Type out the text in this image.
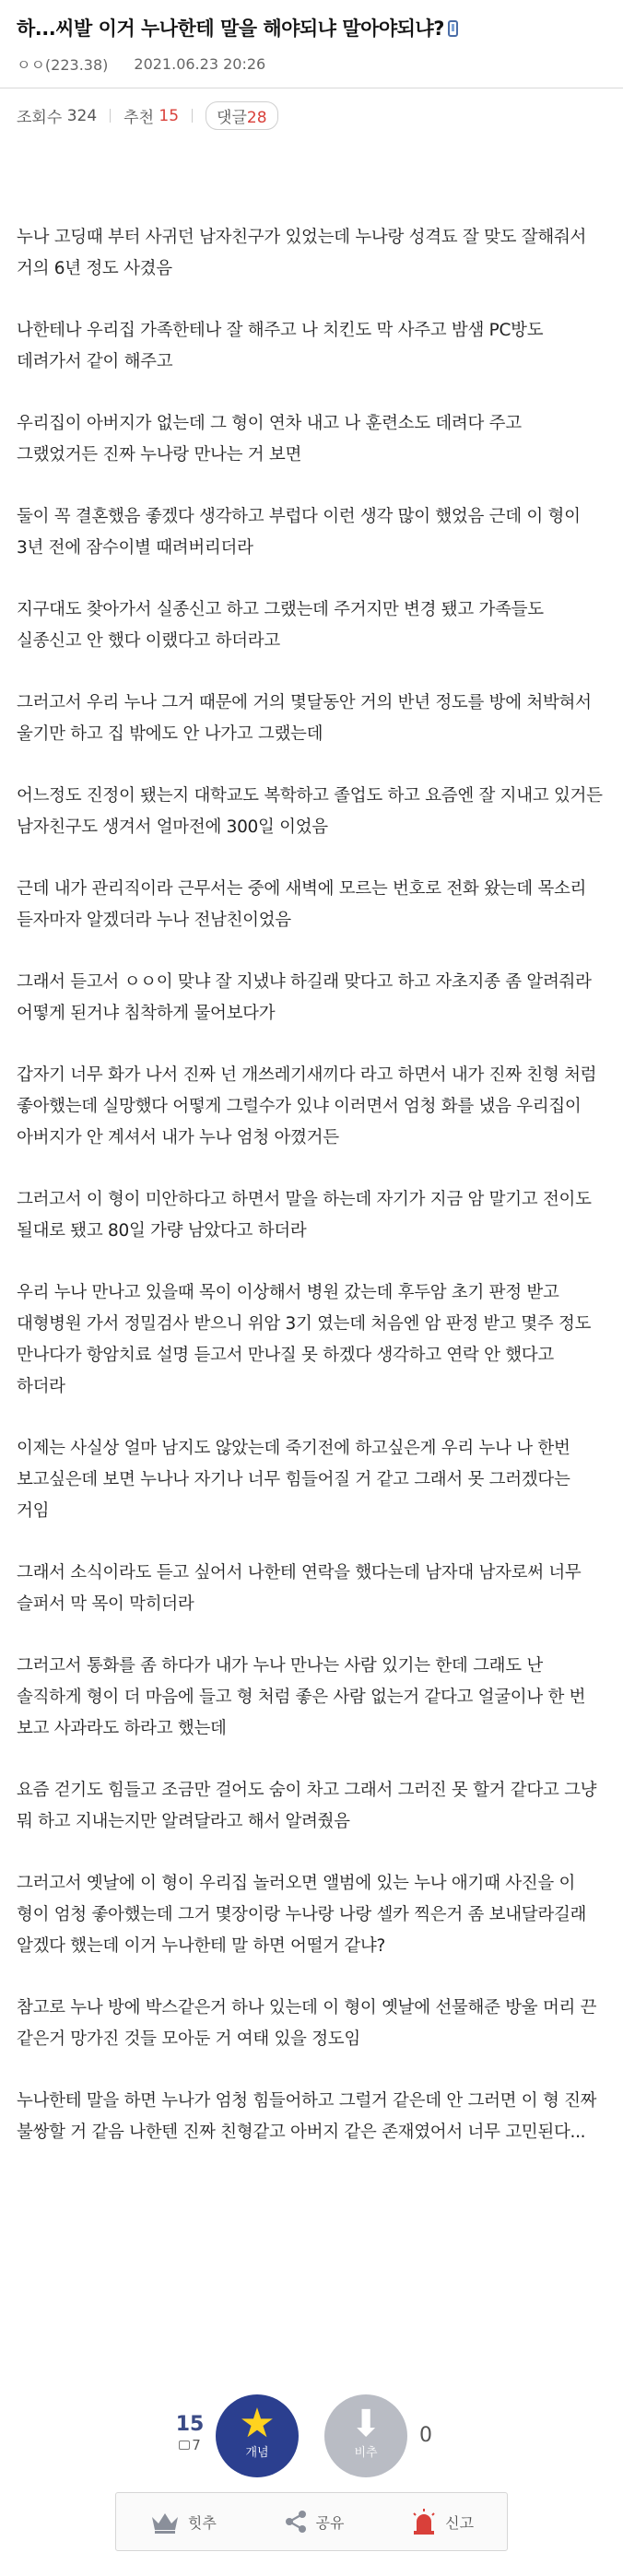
하...씨발 이거 누나한테 말을 해야되냐 말아야되냐?
ㅇㅇ(223.38) 2021.06.23 20:26
조회수
324 추천
15	댓글28

누나 고딩때 부터 사귀던 남자친구가 있었는데 누나랑 성격됴 잘 맞도 잘해줘서 거의 6년 정도 사겼음

나한테나 우리집 가족한테나 잘 해주고 나 치킨도 막 사주고 밤샘 PC방도 데려가서 같이 해주고

우리집이 아버지가 없는데 그 형이 연차 내고 나 훈련소도 데려다 주고 그랬었거든 진짜 누나랑 만나는 거 보면

둘이 꼭 결혼했음 좋겠다 생각하고 부럽다 이런 생각 많이 했었음 근데 이 형이 3년 전에 잠수이별 때려버리더라

지구대도 찾아가서 실종신고 하고 그랬는데 주거지만 변경 됐고 가족들도 실종신고 안 했다 이랬다고 하더라고

그러고서 우리 누나 그거 때문에 거의 몇달동안 거의 반년 정도를 방에 처박혀서 울기만 하고 집 밖에도 안 나가고 그랬는데

어느정도 진정이 됐는지 대학교도 복학하고 졸업도 하고 요즘엔 잘 지내고 있거든 남자친구도 생겨서 얼마전에 300일 이었음

근데 내가 관리직이라 근무서는 중에 새벽에 모르는 번호로 전화 왔는데 목소리 듣자마자 알겠더라 누나 전남친이었음

그래서 듣고서 ㅇㅇ이 맞냐 잘 지냈냐 하길래 맞다고 하고 자초지종 좀 알려줘라 어떻게 된거냐 침착하게 물어보다가

갑자기 너무 화가 나서 진짜 넌 개쓰레기새끼다 라고 하면서 내가 진짜 친형 처럼 좋아했는데 실망했다 어떻게 그럴수가 있냐 이러면서 엄청 화를 냈음 우리집이 아버지가 안 계셔서 내가 누나 엄청 아꼈거든

그러고서 이 형이 미안하다고 하면서 말을 하는데 자기가 지금 암 말기고 전이도 될대로 됐고 80일 가량 남았다고 하더라

우리 누나 만나고 있을때 목이 이상해서 병원 갔는데 후두암 초기 판정 받고 대형병원 가서 정밀검사 받으니 위암 3기 였는데 처음엔 암 판정 받고 몇주 정도 만나다가 항암치료 설명 듣고서 만나질 못 하겠다 생각하고 연락 안 했다고 하더라

이제는 사실상 얼마 남지도 않았는데 죽기전에 하고싶은게 우리 누나 나 한번 보고싶은데 보면 누나나 자기나 너무 힘들어질 거 같고 그래서 못 그러겠다는 거임

그래서 소식이라도 듣고 싶어서 나한테 연락을 했다는데 남자대 남자로써 너무 슬퍼서 막 목이 막히더라

그러고서 통화를 좀 하다가 내가 누나 만나는 사람 있기는 한데 그래도 난 솔직하게 형이 더 마음에 들고 형 처럼 좋은 사람 없는거 같다고 얼굴이나 한 번 보고 사과라도 하라고 했는데

요즘 걷기도 힘들고 조금만 걸어도 숨이 차고 그래서 그러진 못 할거 같다고 그냥 뭐 하고 지내는지만 알려달라고 해서 알려줬음

그러고서 옛날에 이 형이 우리집 놀러오면 앨범에 있는 누나 애기때 사진을 이 형이 엄청 좋아했는데 그거 몇장이랑 누나랑 나랑 셀카 찍은거 좀 보내달라길래 알겠다 했는데 이거 누나한테 말 하면 어떨거 같냐?

참고로 누나 방에 박스같은거 하나 있는데 이 형이 옛날에 선물해준 방울 머리 끈 같은거 망가진 것들 모아둔 거 여태 있을 정도임

누나한테 말을 하면 누나가 엄청 힘들어하고 그럴거 같은데 안 그러면 이 형 진짜 불쌍할 거 같음 나한텐 진짜 친형같고 아버지 같은 존재였어서 너무 고민된다...

15
7 ★
개념
⬇
비추
0
힛추	공유	신고
